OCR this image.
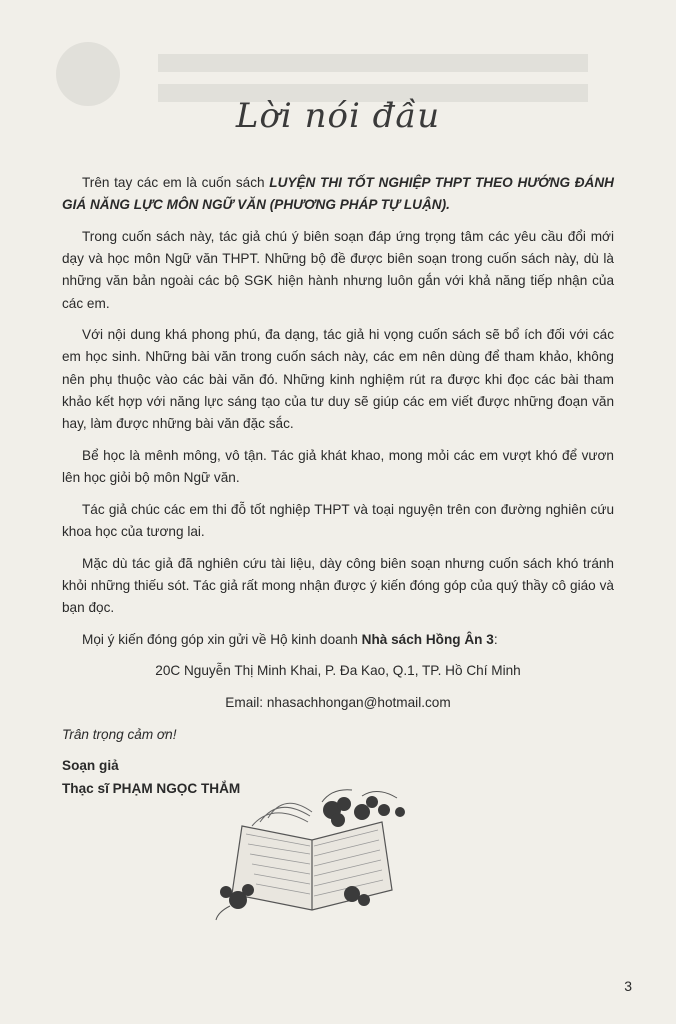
Lời nói đầu

Trên tay các em là cuốn sách LUYỆN THI TỐT NGHIỆP THPT THEO HƯỚNG ĐÁNH GIÁ NĂNG LỰC MÔN NGỮ VĂN (PHƯƠNG PHÁP TỰ LUẬN).

Trong cuốn sách này, tác giả chú ý biên soạn đáp ứng trọng tâm các yêu cầu đổi mới dạy và học môn Ngữ văn THPT. Những bộ đề được biên soạn trong cuốn sách này, dù là những văn bản ngoài các bộ SGK hiện hành nhưng luôn gắn với khả năng tiếp nhận của các em.

Với nội dung khá phong phú, đa dạng, tác giả hi vọng cuốn sách sẽ bổ ích đối với các em học sinh. Những bài văn trong cuốn sách này, các em nên dùng để tham khảo, không nên phụ thuộc vào các bài văn đó. Những kinh nghiệm rút ra được khi đọc các bài tham khảo kết hợp với năng lực sáng tạo của tư duy sẽ giúp các em viết được những đoạn văn hay, làm được những bài văn đặc sắc.

Bể học là mênh mông, vô tận. Tác giả khát khao, mong mỏi các em vượt khó để vươn lên học giỏi bộ môn Ngữ văn.

Tác giả chúc các em thi đỗ tốt nghiệp THPT và toại nguyện trên con đường nghiên cứu khoa học của tương lai.

Mặc dù tác giả đã nghiên cứu tài liệu, dày công biên soạn nhưng cuốn sách khó tránh khỏi những thiếu sót. Tác giả rất mong nhận được ý kiến đóng góp của quý thầy cô giáo và bạn đọc.

Mọi ý kiến đóng góp xin gửi về Hộ kinh doanh Nhà sách Hồng Ân 3:

20C Nguyễn Thị Minh Khai, P. Đa Kao, Q.1, TP. Hồ Chí Minh

Email: nhasachhongan@hotmail.com

Trân trọng cảm ơn!

Soạn giả

Thạc sĩ PHẠM NGỌC THẮM

3
